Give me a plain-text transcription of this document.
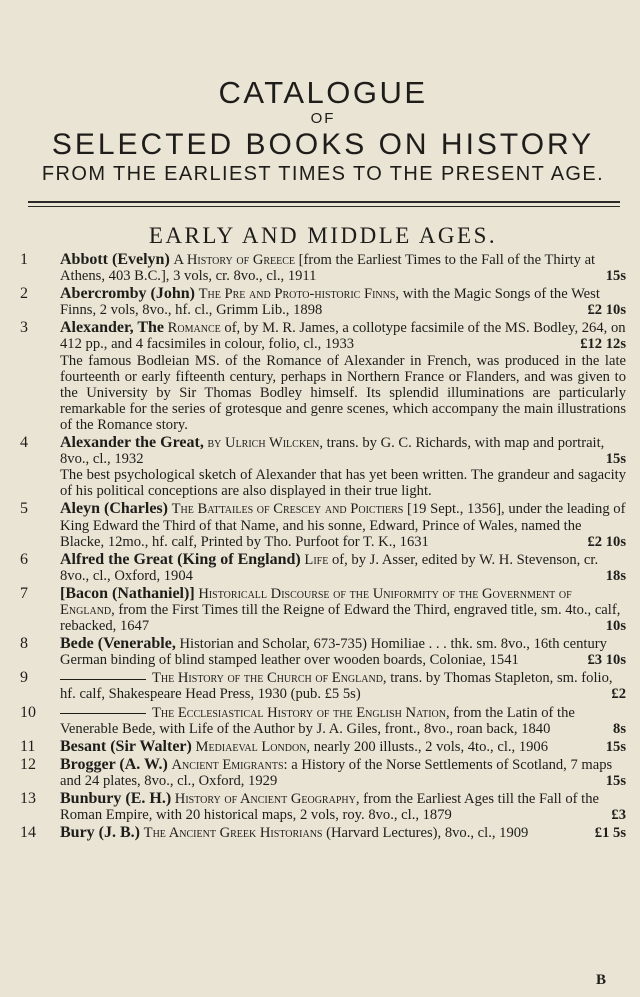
CATALOGUE

OF

SELECTED BOOKS ON HISTORY

FROM THE EARLIEST TIMES TO THE PRESENT AGE.

EARLY AND MIDDLE AGES.
1	Abbott (Evelyn) A History of Greece [from the Earliest Times to the Fall of the Thirty at Athens, 403 B.C.], 3 vols, cr. 8vo., cl., 1911	15s
2	Abercromby (John) The Pre and Proto-historic Finns, with the Magic Songs of the West Finns, 2 vols, 8vo., hf. cl., Grimm Lib., 1898	£2 10s
3	Alexander, The Romance of, by M. R. James, a collotype facsimile of the MS. Bodley, 264, on 412 pp., and 4 facsimiles in colour, folio, cl., 1933	£12 12s
The famous Bodleian MS. of the Romance of Alexander in French, was produced in the late fourteenth or early fifteenth century, perhaps in Northern France or Flanders, and was given to the University by Sir Thomas Bodley himself. Its splendid illuminations are particularly remarkable for the series of grotesque and genre scenes, which accompany the main illustrations of the Romance story.
4	Alexander the Great, by Ulrich Wilcken, trans. by G. C. Richards, with map and portrait, 8vo., cl., 1932	15s
The best psychological sketch of Alexander that has yet been written. The grandeur and sagacity of his political conceptions are also displayed in their true light.
5	Aleyn (Charles) The Battailes of Crescey and Poictiers [19 Sept., 1356], under the leading of King Edward the Third of that Name, and his sonne, Edward, Prince of Wales, named the Blacke, 12mo., hf. calf, Printed by Tho. Purfoot for T. K., 1631	£2 10s
6	Alfred the Great (King of England) Life of, by J. Asser, edited by W. H. Stevenson, cr. 8vo., cl., Oxford, 1904	18s
7	[Bacon (Nathaniel)] Historicall Discourse of the Uniformity of the Government of England, from the First Times till the Reigne of Edward the Third, engraved title, sm. 4to., calf, rebacked, 1647	10s
8	Bede (Venerable, Historian and Scholar, 673-735) Homiliae . . . thk. sm. 8vo., 16th century German binding of blind stamped leather over wooden boards, Coloniae, 1541	£3 10s
9	The History of the Church of England, trans. by Thomas Stapleton, sm. folio, hf. calf, Shakespeare Head Press, 1930 (pub. £5 5s)	£2
10	The Ecclesiastical History of the English Nation, from the Latin of the Venerable Bede, with Life of the Author by J. A. Giles, front., 8vo., roan back, 1840	8s
11 Besant (Sir Walter) Mediaeval London, nearly 200 illusts., 2 vols, 4to., cl., 1906	15s
12 Brogger (A. W.) Ancient Emigrants: a History of the Norse Settlements of Scotland, 7 maps and 24 plates, 8vo., cl., Oxford, 1929	15s
13 Bunbury (E. H.) History of Ancient Geography, from the Earliest Ages till the Fall of the Roman Empire, with 20 historical maps, 2 vols, roy. 8vo., cl., 1879	£3
14 Bury (J. B.) The Ancient Greek Historians (Harvard Lectures), 8vo., cl., 1909	£1 5s
B
